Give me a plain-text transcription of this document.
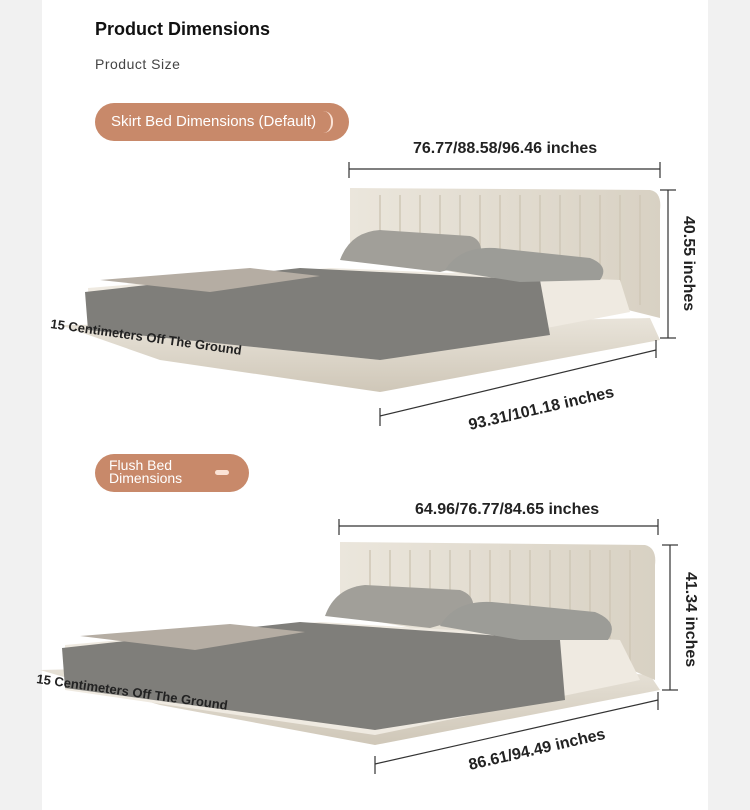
Product Dimensions
Product Size
Skirt Bed Dimensions (Default)
Flush Bed
Dimensions
76.77/88.58/96.46 inches
40.55 inches
93.31/101.18 inches
15 Centimeters Off The Ground
64.96/76.77/84.65 inches
41.34 inches
86.61/94.49 inches
15 Centimeters Off The Ground
